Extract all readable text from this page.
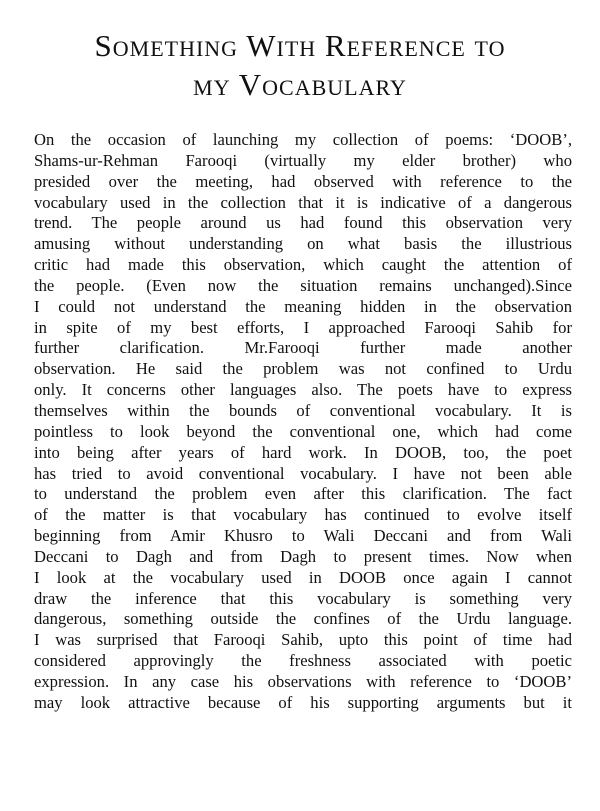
Something With Reference to
my Vocabulary

On the occasion of launching my collection of poems: ‘DOOB’,
Shams-ur-Rehman Farooqi (virtually my elder brother) who
presided over the meeting, had observed with reference to the
vocabulary used in the collection that it is indicative of a dangerous
trend. The people around us had found this observation very
amusing without understanding on what basis the illustrious
critic had made this observation, which caught the attention of
the people. (Even now the situation remains unchanged).Since
I could not understand the meaning hidden in the observation
in spite of my best efforts, I approached Farooqi Sahib for
further clarification. Mr.Farooqi further made another
observation. He said the problem was not confined to Urdu
only. It concerns other languages also. The poets have to express
themselves within the bounds of conventional vocabulary. It is
pointless to look beyond the conventional one, which had come
into being after years of hard work. In DOOB, too, the poet
has tried to avoid conventional vocabulary. I have not been able
to understand the problem even after this clarification. The fact
of the matter is that vocabulary has continued to evolve itself
beginning from Amir Khusro to Wali Deccani and from Wali
Deccani to Dagh and from Dagh to present times. Now when
I look at the vocabulary used in DOOB once again I cannot
draw the inference that this vocabulary is something very
dangerous, something outside the confines of the Urdu language.
I was surprised that Farooqi Sahib, upto this point of time had
considered approvingly the freshness associated with poetic
expression. In any case his observations with reference to ‘DOOB’
may look attractive because of his supporting arguments but it
